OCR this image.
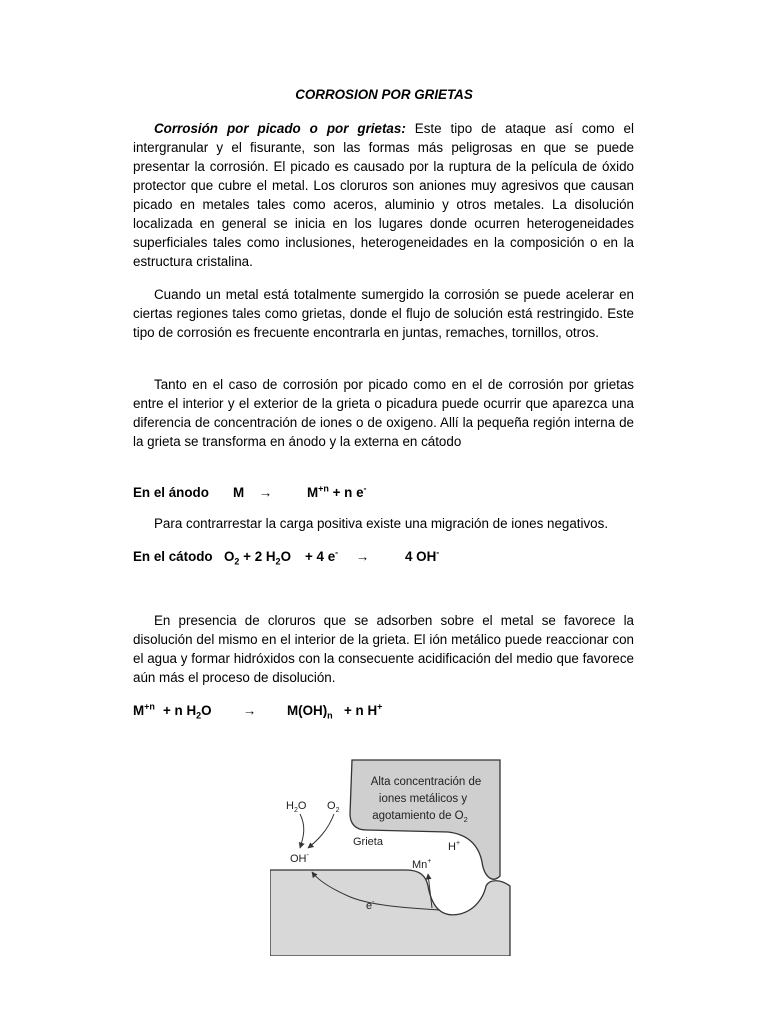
CORROSION POR GRIETAS

Corrosión por picado o por grietas: Este tipo de ataque así como el intergranular y el fisurante, son las formas más peligrosas en que se puede presentar la corrosión. El picado es causado por la ruptura de la película de óxido protector que cubre el metal. Los cloruros son aniones muy agresivos que causan picado en metales tales como aceros, aluminio y otros metales. La disolución localizada en general se inicia en los lugares donde ocurren heterogeneidades superficiales tales como inclusiones, heterogeneidades en la composición o en la estructura cristalina.

Cuando un metal está totalmente sumergido la corrosión se puede acelerar en ciertas regiones tales como grietas, donde el flujo de solución está restringido. Este tipo de corrosión es frecuente encontrarla en juntas, remaches, tornillos, otros.

Tanto en el caso de corrosión por picado como en el de corrosión por grietas entre el interior y el exterior de la grieta o picadura puede ocurrir que aparezca una diferencia de concentración de iones o de oxigeno. Allí la pequeña región interna de la grieta se transforma en ánodo y la externa en cátodo

En el ánodo M →	$M^{+n} + n$ e-
Para contrarrestar la carga positiva existe una migración de iones negativos.
En el cátodo $O_2 + 2$ $H_2O + 4$ e- →	4 OH-

En presencia de cloruros que se adsorben sobre el metal se favorece la disolución del mismo en el interior de la grieta. El ión metálico puede reaccionar con el agua y formar hidróxidos con la consecuente acidificación del medio que favorece aún más el proceso de disolución.

$M^{+n} + n$ $H_2O \to M(OH)_n + n$ H+
Alta concentración de
iones metálicos y
agotamiento de $O_2$
$H_2O$ $O_2$
OH-
Grieta	H+
Mn+
e-
